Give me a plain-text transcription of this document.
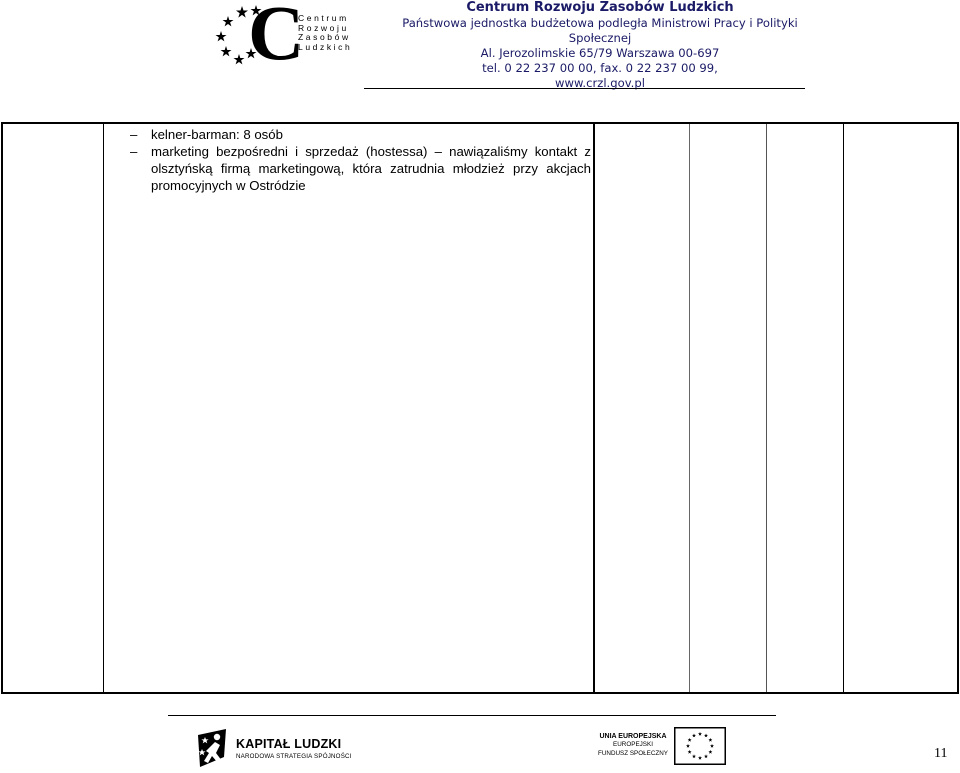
C
Centrum
Rozwoju
Zasobów
Ludzkich
Centrum Rozwoju Zasobów Ludzkich
Państwowa jednostka budżetowa podległa Ministrowi Pracy i Polityki Społecznej
Al. Jerozolimskie 65/79 Warszawa 00-697
tel. 0 22 237 00 00, fax. 0 22 237 00 99,
www.crzl.gov.pl
– kelner-barman: 8 osób
– marketing bezpośredni i sprzedaż (hostessa) – nawiązaliśmy kontakt z olsztyńską firmą marketingową, która zatrudnia młodzież przy akcjach promocyjnych w Ostródzie
KAPITAŁ LUDZKI
NARODOWA STRATEGIA SPÓJNOŚCI
UNIA EUROPEJSKA
EUROPEJSKI
FUNDUSZ SPOŁECZNY	11
